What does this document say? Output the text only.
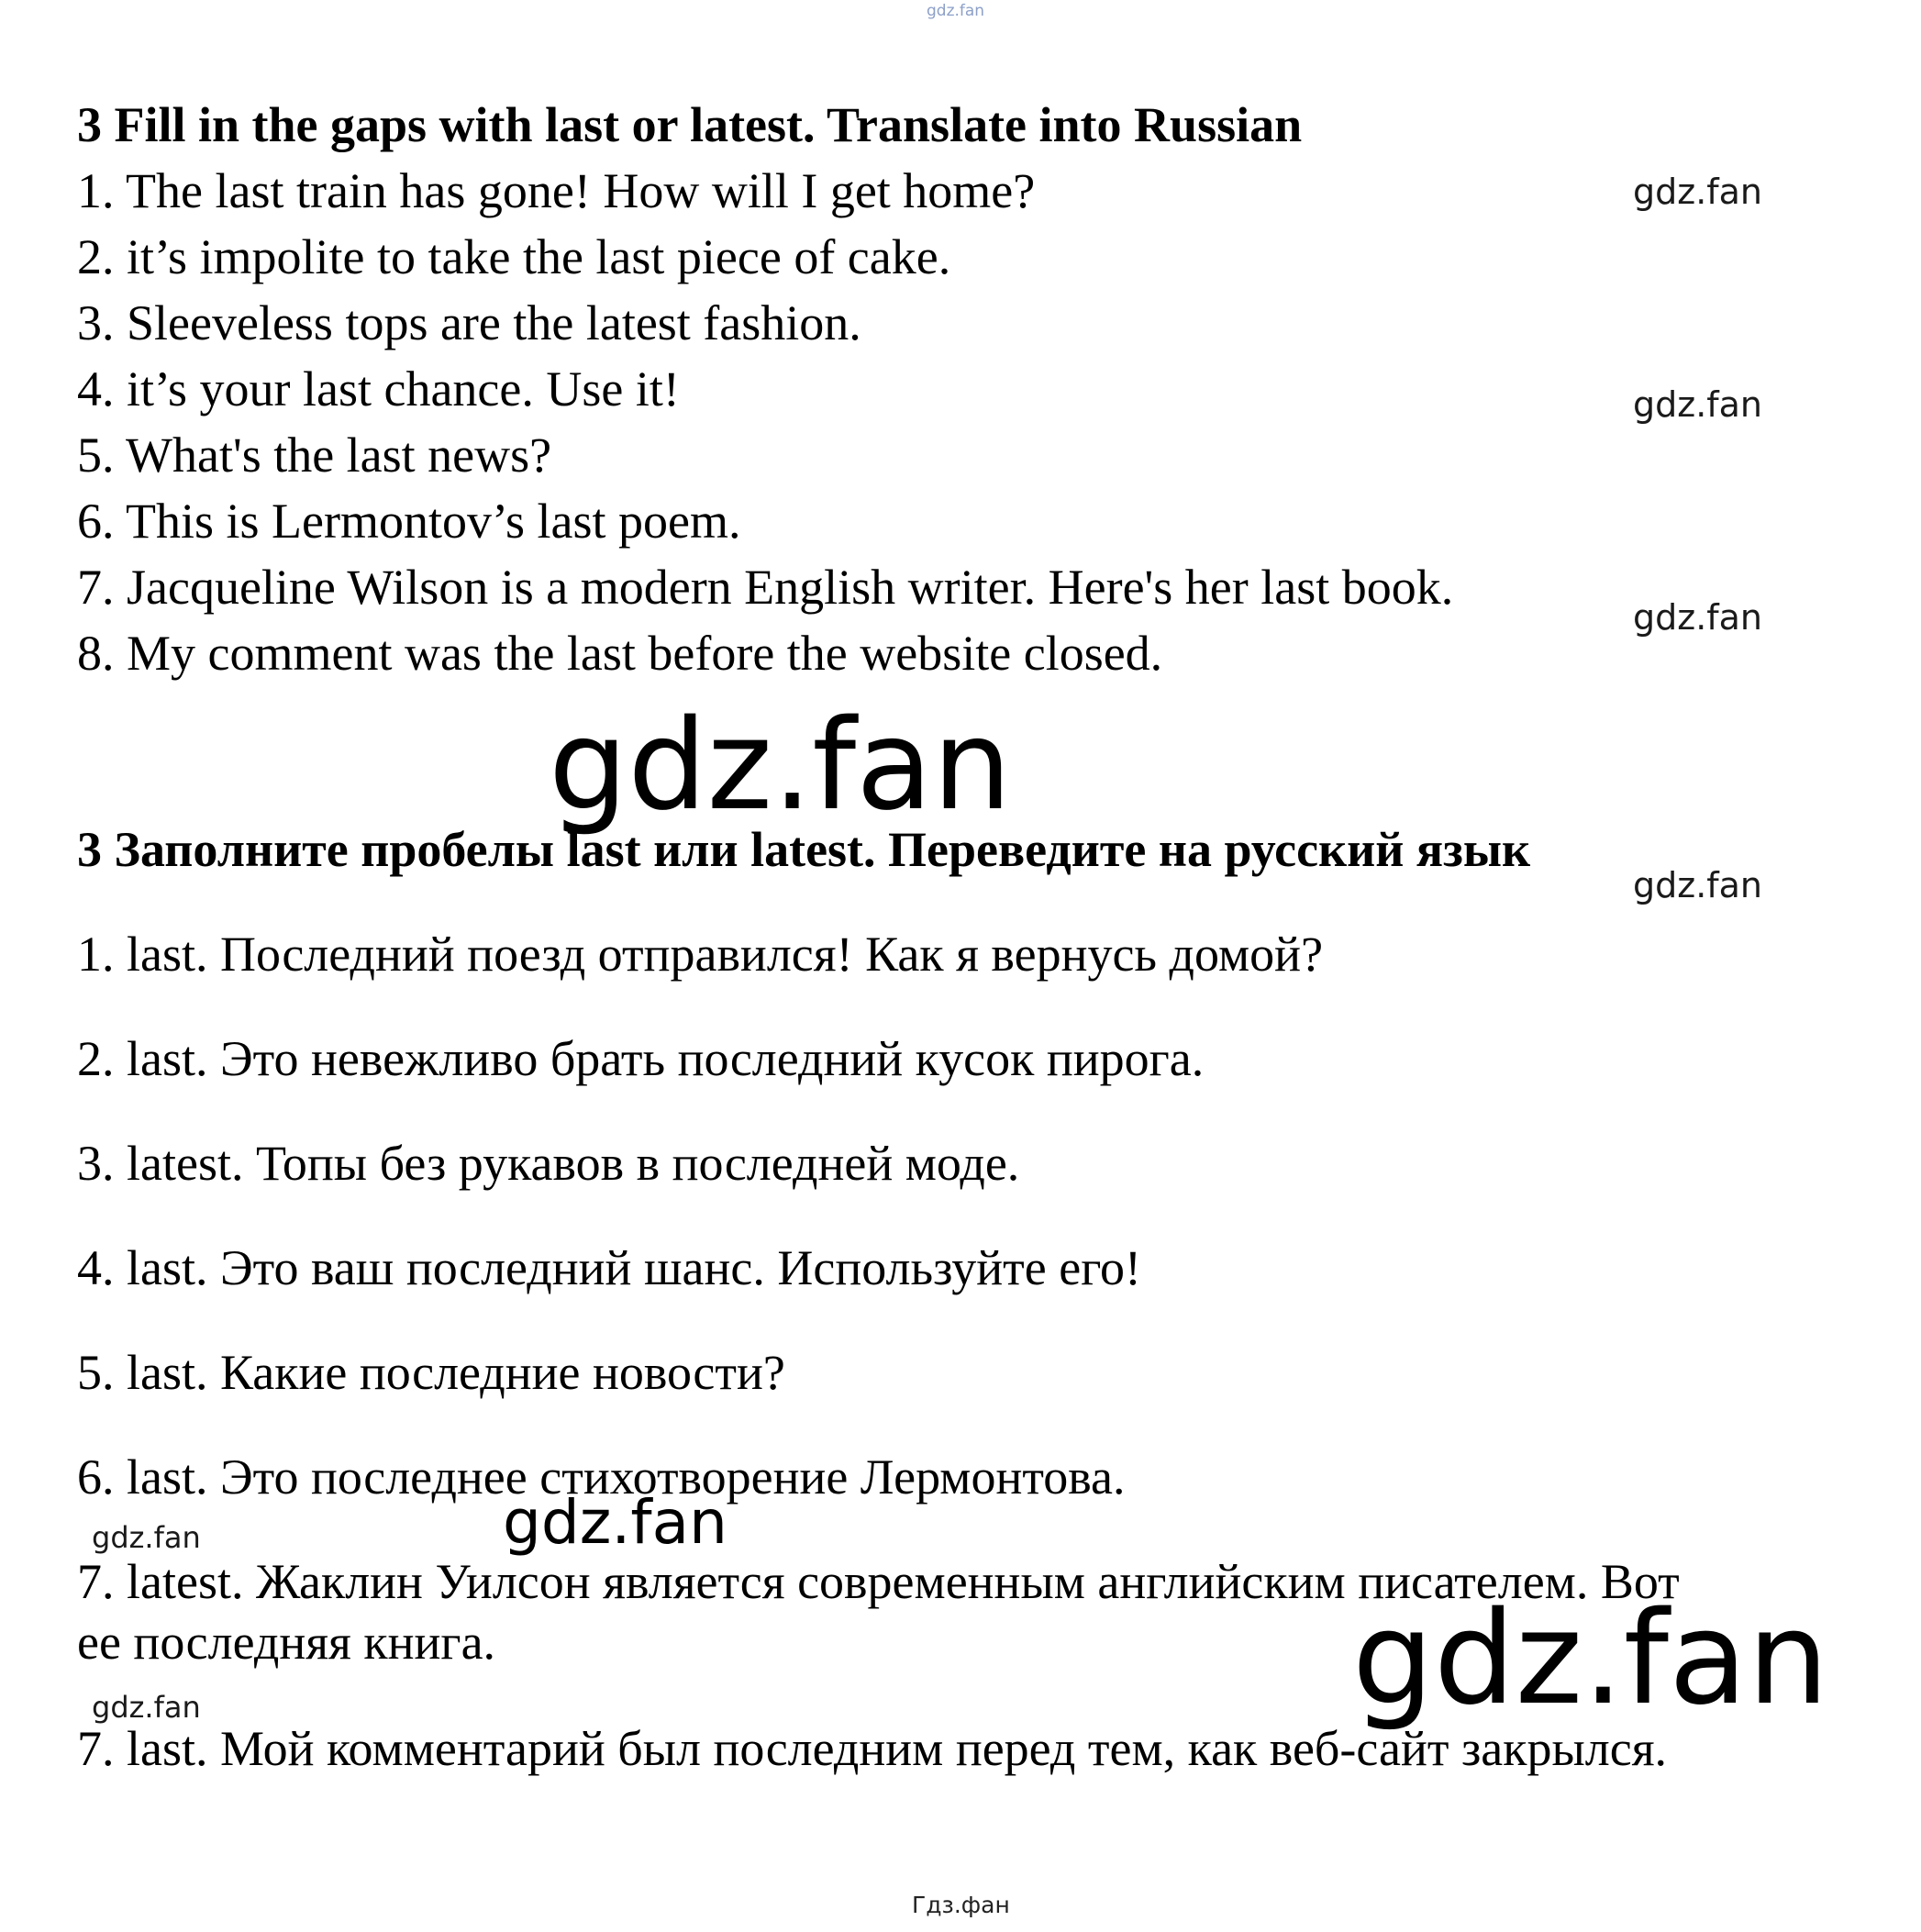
gdz.fan
3 Fill in the gaps with last or latest. Translate into Russian

1. The last train has gone! How will I get home?

2. it’s impolite to take the last piece of cake.

3. Sleeveless tops are the latest fashion.

4. it’s your last chance. Use it!

5. What's the last news?

6. This is Lermontov’s last poem.

7. Jacqueline Wilson is a modern English writer. Here's her last book.

8. My comment was the last before the website closed.

gdz.fan
gdz.fan
gdz.fan
gdz.fan
3 Заполните пробелы last или latest. Переведите на русский язык

1. last. Последний поезд отправился! Как я вернусь домой?

2. last. Это невежливо брать последний кусок пирога.

3. latest. Топы без рукавов в последней моде.

4. last. Это ваш последний шанс. Используйте его!

5. last. Какие последние новости?

6. last. Это последнее стихотворение Лермонтова.

7. latest. Жаклин Уилсон является современным английским писателем. Вот

ее последняя книга.

7. last. Мой комментарий был последним перед тем, как веб-сайт закрылся.

gdz.fan
gdz.fan
gdz.fan
gdz.fan
gdz.fan
Гдз.фан
